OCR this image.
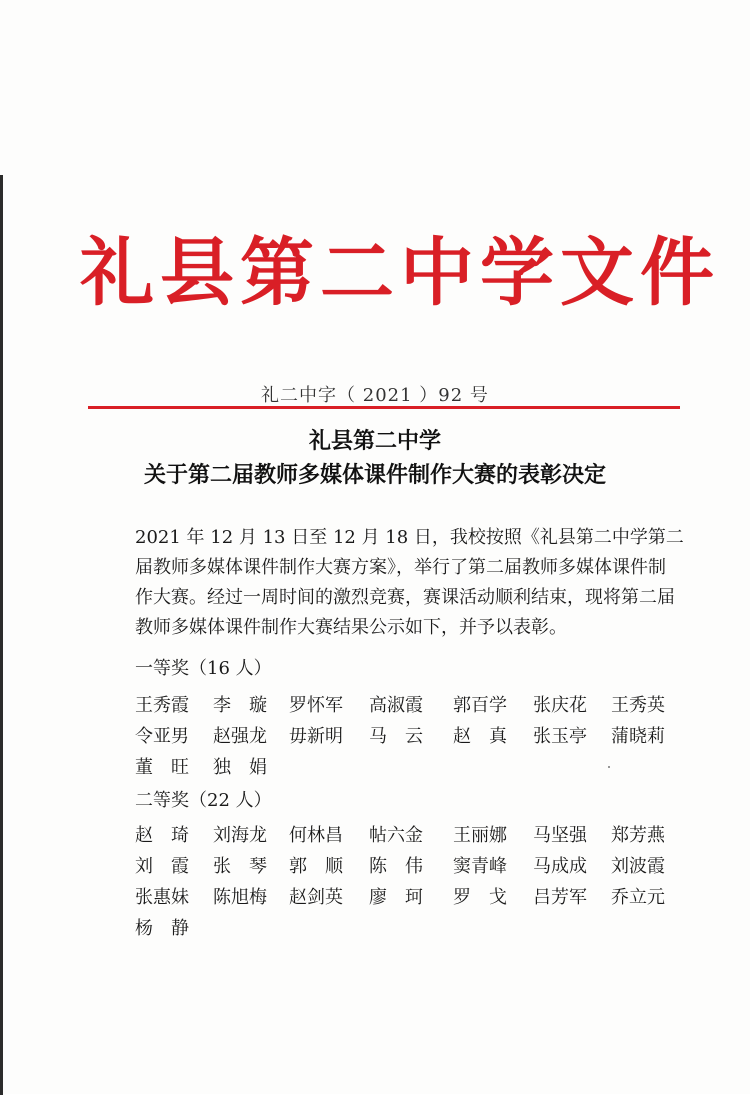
礼县第二中学文件
礼二中字（ 2021 ）92 号
礼县第二中学
关于第二届教师多媒体课件制作大赛的表彰决定
2021 年 12 月 13 日至 12 月 18 日，我校按照《礼县第二中学第二
届教师多媒体课件制作大赛方案》，举行了第二届教师多媒体课件制
作大赛。经过一周时间的激烈竞赛，赛课活动顺利结束，现将第二届
教师多媒体课件制作大赛结果公示如下，并予以表彰。
一等奖（16 人）
王秀霞 李　璇 罗怀军 高淑霞 郭百学 张庆花 王秀英
令亚男 赵强龙 毋新明 马　云 赵　真 张玉亭 蒲晓莉
董　旺 独　娟
二等奖（22 人）
赵　琦 刘海龙 何林昌 帖六金 王丽娜 马坚强 郑芳燕
刘　霞 张　琴 郭　顺 陈　伟 窦青峰 马成成 刘波霞
张惠妹 陈旭梅 赵剑英 廖　珂 罗　戈 吕芳军 乔立元
杨　静
